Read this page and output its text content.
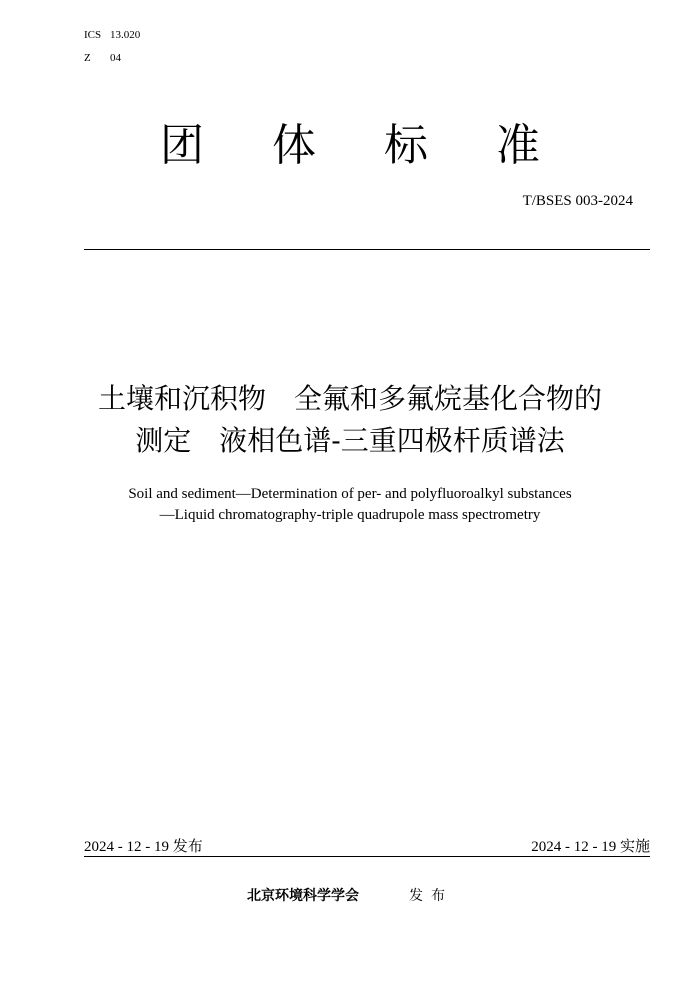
ICS 13.020
Z 04
团 体 标 准
T/BSES 003-2024
土壤和沉积物　全氟和多氟烷基化合物的
测定　液相色谱-三重四极杆质谱法
Soil and sediment—Determination of per- and polyfluoroalkyl substances
—Liquid chromatography-triple quadrupole mass spectrometry
2024 - 12 - 19 发布	2024 - 12 - 19 实施
北京环境科学学会	发布
